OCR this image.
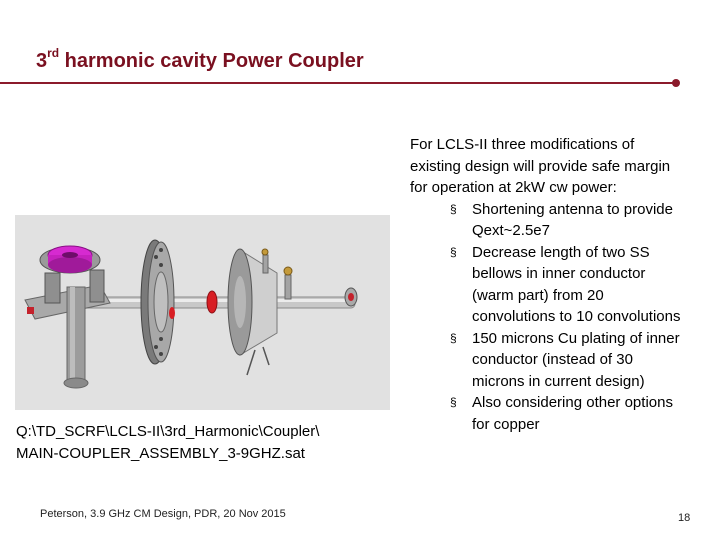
3rd harmonic cavity Power Coupler
Q:\TD_SCRF\LCLS-II\3rd_Harmonic\Coupler\
MAIN-COUPLER_ASSEMBLY_3-9GHZ.sat

For LCLS-II three modifications of existing design will provide safe margin for operation at 2kW cw power:

§ Shortening antenna to provide Qext~2.5e7
§ Decrease length of two SS bellows in inner conductor (warm part) from 20 convolutions to 10 convolutions
§ 150 microns Cu plating of inner conductor (instead of 30 microns in current design)
§ Also considering other options for copper
Peterson, 3.9 GHz CM Design, PDR, 20 Nov 2015	18
